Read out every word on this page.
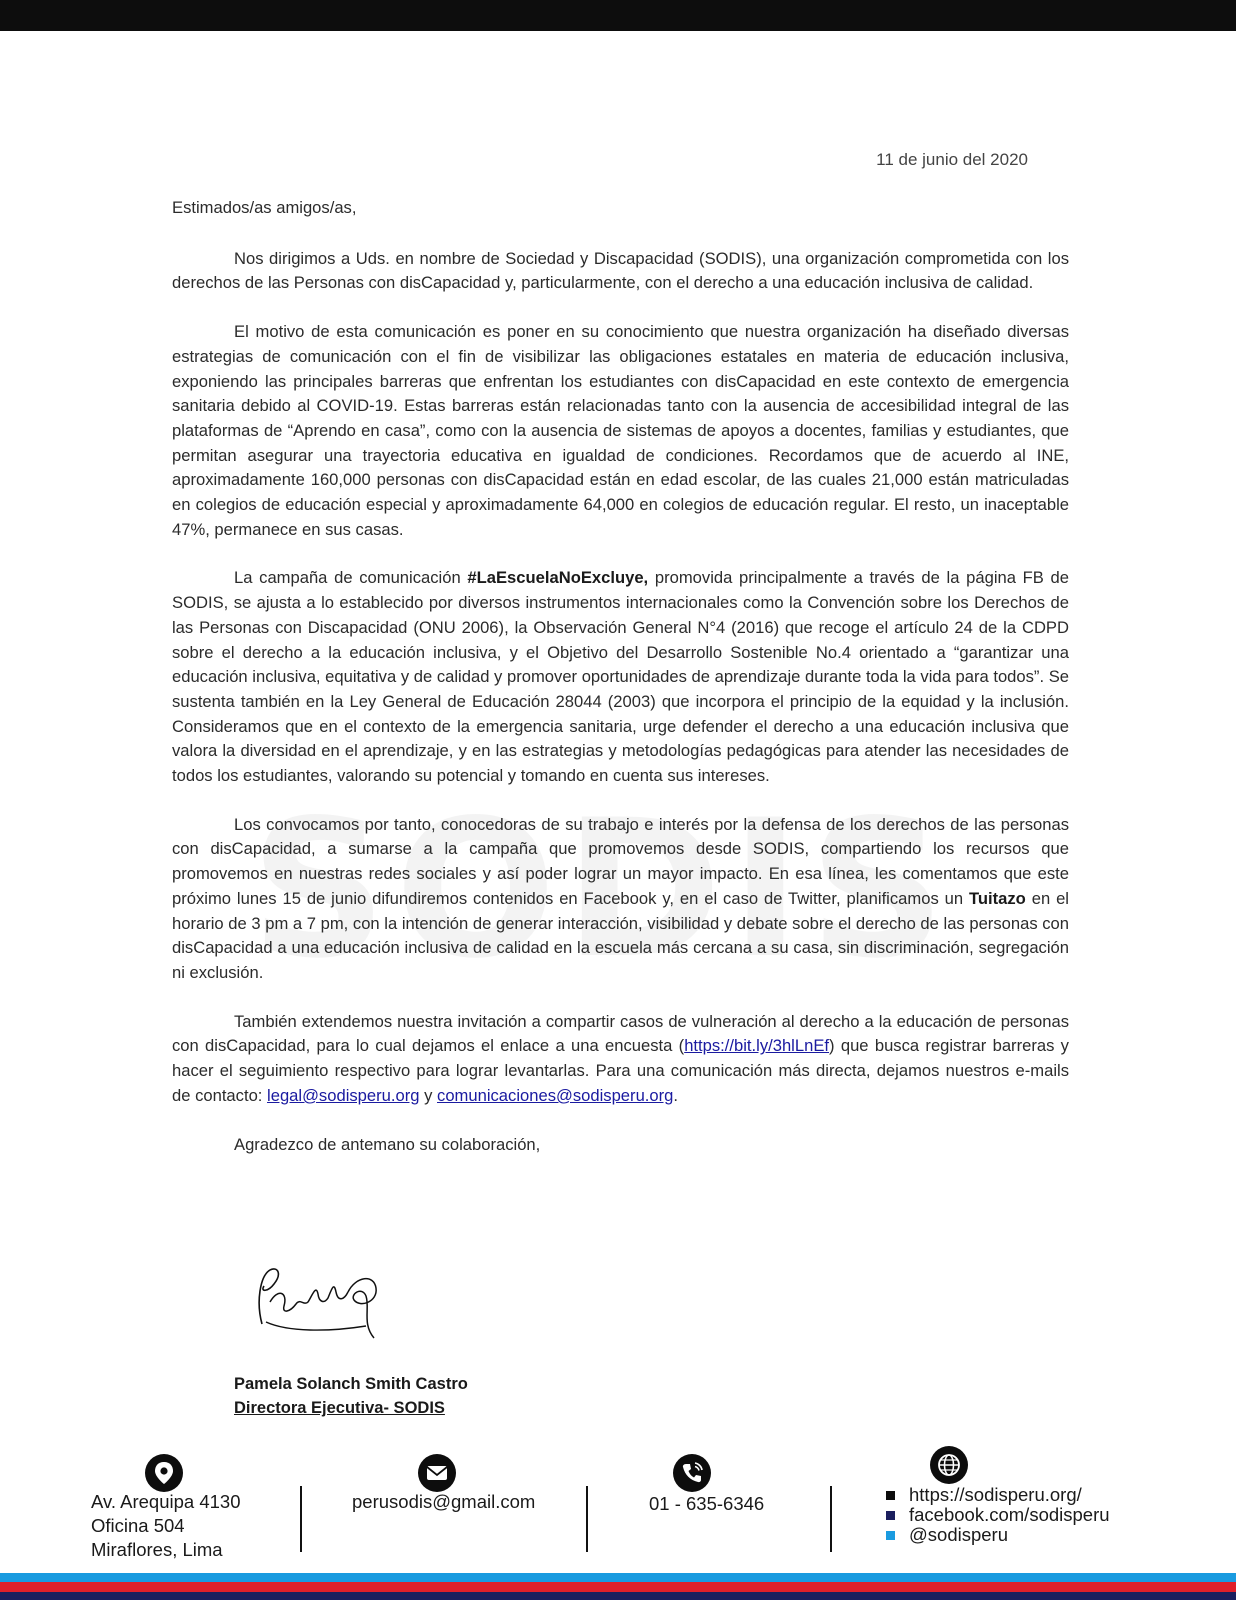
11 de junio del 2020

Estimados/as amigos/as,

Nos dirigimos a Uds. en nombre de Sociedad y Discapacidad (SODIS), una organización comprometida con los derechos de las Personas con disCapacidad y, particularmente, con el derecho a una educación inclusiva de calidad.

El motivo de esta comunicación es poner en su conocimiento que nuestra organización ha diseñado diversas estrategias de comunicación con el fin de visibilizar las obligaciones estatales en materia de educación inclusiva, exponiendo las principales barreras que enfrentan los estudiantes con disCapacidad en este contexto de emergencia sanitaria debido al COVID-19. Estas barreras están relacionadas tanto con la ausencia de accesibilidad integral de las plataformas de “Aprendo en casa”, como con la ausencia de sistemas de apoyos a docentes, familias y estudiantes, que permitan asegurar una trayectoria educativa en igualdad de condiciones. Recordamos que de acuerdo al INE, aproximadamente 160,000 personas con disCapacidad están en edad escolar, de las cuales 21,000 están matriculadas en colegios de educación especial y aproximadamente 64,000 en colegios de educación regular. El resto, un inaceptable 47%, permanece en sus casas.

La campaña de comunicación #LaEscuelaNoExcluye, promovida principalmente a través de la página FB de SODIS, se ajusta a lo establecido por diversos instrumentos internacionales como la Convención sobre los Derechos de las Personas con Discapacidad (ONU 2006), la Observación General N°4 (2016) que recoge el artículo 24 de la CDPD sobre el derecho a la educación inclusiva, y el Objetivo del Desarrollo Sostenible No.4 orientado a “garantizar una educación inclusiva, equitativa y de calidad y promover oportunidades de aprendizaje durante toda la vida para todos”. Se sustenta también en la Ley General de Educación 28044 (2003) que incorpora el principio de la equidad y la inclusión. Consideramos que en el contexto de la emergencia sanitaria, urge defender el derecho a una educación inclusiva que valora la diversidad en el aprendizaje, y en las estrategias y metodologías pedagógicas para atender las necesidades de todos los estudiantes, valorando su potencial y tomando en cuenta sus intereses.

Los convocamos por tanto, conocedoras de su trabajo e interés por la defensa de los derechos de las personas con disCapacidad, a sumarse a la campaña que promovemos desde SODIS, compartiendo los recursos que promovemos en nuestras redes sociales y así poder lograr un mayor impacto. En esa línea, les comentamos que este próximo lunes 15 de junio difundiremos contenidos en Facebook y, en el caso de Twitter, planificamos un Tuitazo en el horario de 3 pm a 7 pm, con la intención de generar interacción, visibilidad y debate sobre el derecho de las personas con disCapacidad a una educación inclusiva de calidad en la escuela más cercana a su casa, sin discriminación, segregación ni exclusión.

También extendemos nuestra invitación a compartir casos de vulneración al derecho a la educación de personas con disCapacidad, para lo cual dejamos el enlace a una encuesta (https://bit.ly/3hlLnEf) que busca registrar barreras y hacer el seguimiento respectivo para lograr levantarlas. Para una comunicación más directa, dejamos nuestros e-mails de contacto: legal@sodisperu.org y comunicaciones@sodisperu.org.

Agradezco de antemano su colaboración,

Pamela Solanch Smith Castro
Directora Ejecutiva- SODIS
Av. Arequipa 4130
Oficina 504
Miraflores, Lima
perusodis@gmail.com	01 - 635-6346	https://sodisperu.org/
facebook.com/sodisperu
@sodisperu
